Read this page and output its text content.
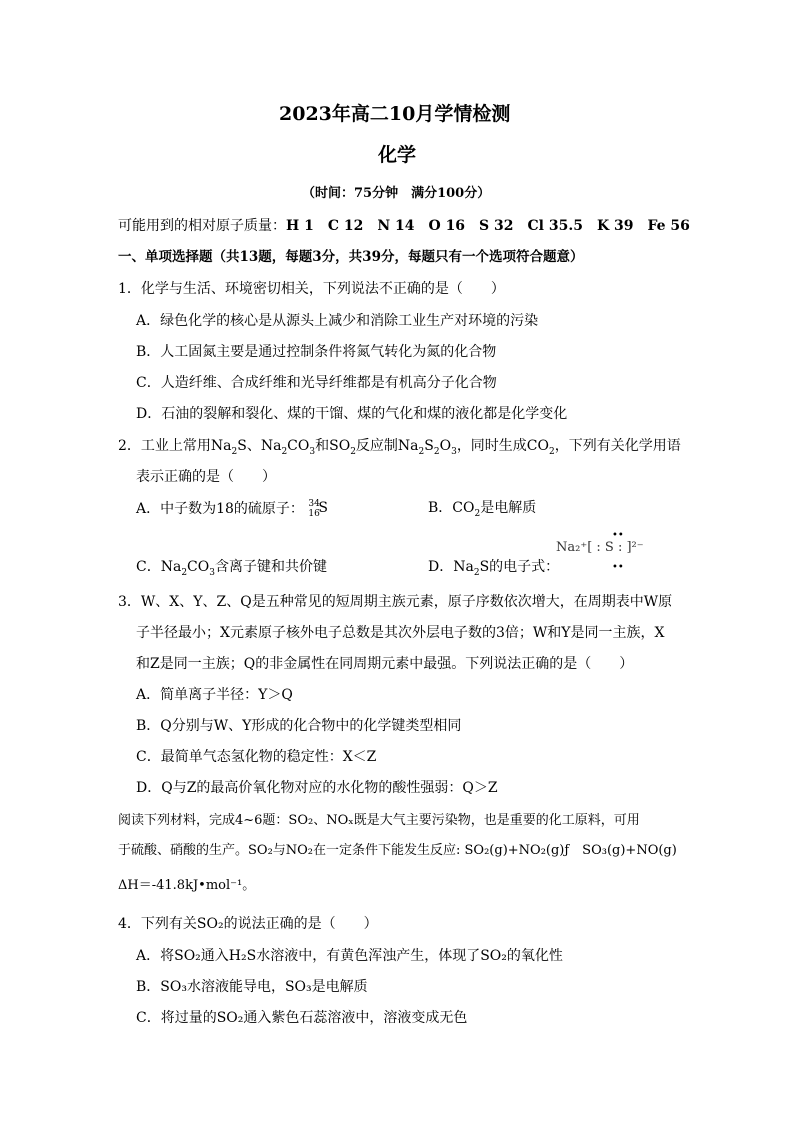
2023年高二10月学情检测
化学
（时间：75分钟　满分100分）
可能用到的相对原子质量：H 1　C 12　N 14　O 16　S 32　Cl 35.5　K 39　Fe 56
一、单项选择题（共13题，每题3分，共39分，每题只有一个选项符合题意）
1．化学与生活、环境密切相关，下列说法不正确的是（　　）
A．绿色化学的核心是从源头上减少和消除工业生产对环境的污染
B．人工固氮主要是通过控制条件将氮气转化为氮的化合物
C．人造纤维、合成纤维和光导纤维都是有机高分子化合物
D．石油的裂解和裂化、煤的干馏、煤的气化和煤的液化都是化学变化
2．工业上常用$Na_2S$、$Na_2CO_3$和$SO_2$反应制$Na_2S_2O_3$，同时生成$CO_2$，下列有关化学用语
表示正确的是（　　）
A．中子数为18的硫原子： 34
16
S	B．$CO_2$是电解质
C．$Na_2CO_3$含离子键和共价键	D．$Na_2S$的电子式：
Na₂⁺[ : S : ]²⁻
••
••
3．W、X、Y、Z、Q是五种常见的短周期主族元素，原子序数依次增大，在周期表中W原
子半径最小；X元素原子核外电子总数是其次外层电子数的3倍；W和Y是同一主族，X
和Z是同一主族；Q的非金属性在同周期元素中最强。下列说法正确的是（　　）
A．简单离子半径：Y＞Q
B．Q分别与W、Y形成的化合物中的化学键类型相同
C．最简单气态氢化物的稳定性：X＜Z
D．Q与Z的最高价氧化物对应的水化物的酸性强弱：Q＞Z
阅读下列材料，完成4~6题：SO₂、NOₓ既是大气主要污染物，也是重要的化工原料，可用
于硫酸、硝酸的生产。SO₂与NO₂在一定条件下能发生反应: SO₂(g)+NO₂(g)ƒ　SO₃(g)+NO(g)
ΔH＝-41.8kJ•mol⁻¹。
4．下列有关SO₂的说法正确的是（　　）
A．将SO₂通入H₂S水溶液中，有黄色浑浊产生，体现了SO₂的氧化性
B．SO₃水溶液能导电，SO₃是电解质
C．将过量的SO₂通入紫色石蕊溶液中，溶液变成无色
